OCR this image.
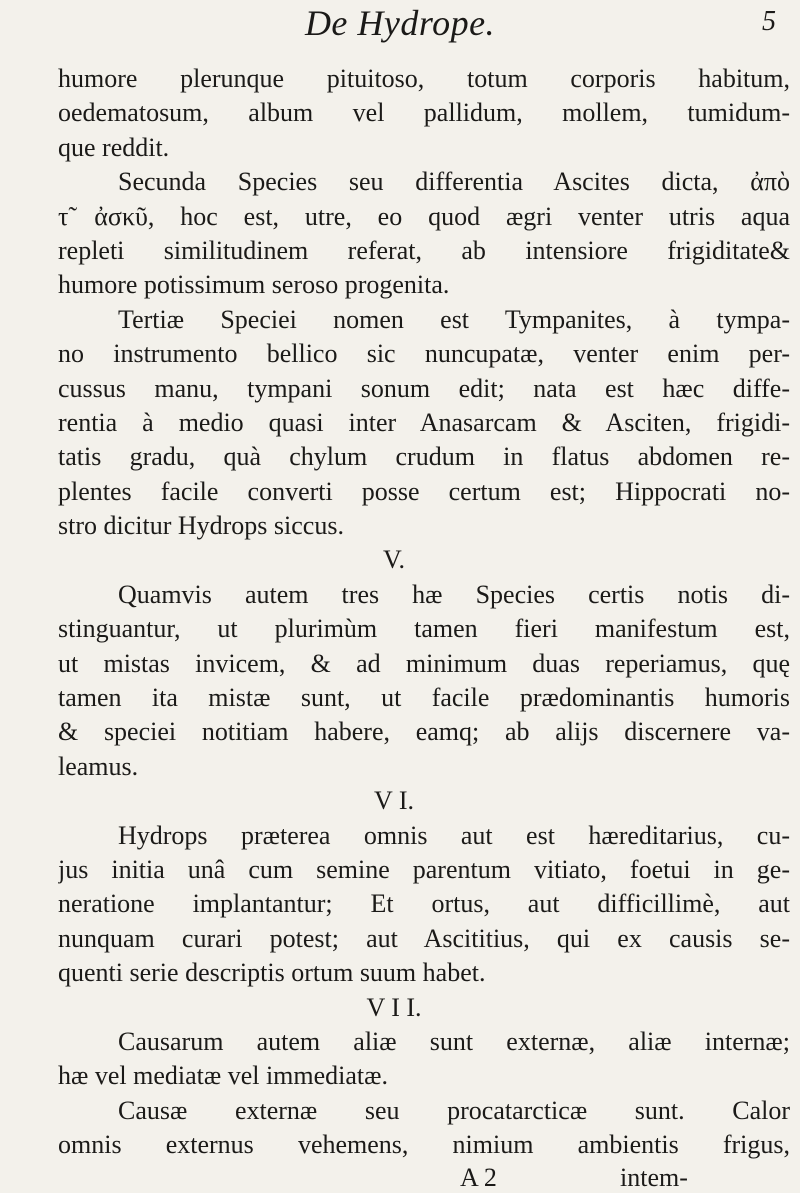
De Hydrope.	5
humore plerunque pituitoso, totum corporis habitum,
oedematosum, album vel pallidum, mollem, tumidum-
que reddit.
Secunda Species seu differentia Ascites dicta, ἀπὸ
τ̃ ἀσκῦ, hoc est, utre, eo quod ægri venter utris aqua
repleti similitudinem referat, ab intensiore frigiditate&
humore potissimum seroso progenita.
Tertiæ Speciei nomen est Tympanites, à tympa-
no instrumento bellico sic nuncupatæ, venter enim per-
cussus manu, tympani sonum edit; nata est hæc diffe-
rentia à medio quasi inter Anasarcam & Asciten, frigidi-
tatis gradu, quà chylum crudum in flatus abdomen re-
plentes facile converti posse certum est; Hippocrati no-
stro dicitur Hydrops siccus.
V.
Quamvis autem tres hæ Species certis notis di-
stinguantur, ut plurimùm tamen fieri manifestum est,
ut mistas invicem, & ad minimum duas reperiamus, quę
tamen ita mistæ sunt, ut facile prædominantis humoris
& speciei notitiam habere, eamq; ab alijs discernere va-
leamus.
V I.
Hydrops præterea omnis aut est hæreditarius, cu-
jus initia unâ cum semine parentum vitiato, foetui in ge-
neratione implantantur; Et ortus, aut difficillimè, aut
nunquam curari potest; aut Ascititius, qui ex causis se-
quenti serie descriptis ortum suum habet.
V I I.
Causarum autem aliæ sunt externæ, aliæ internæ;
hæ vel mediatæ vel immediatæ.
Causæ externæ seu procatarcticæ sunt. Calor
omnis externus vehemens, nimium ambientis frigus,
A 2	intem-
